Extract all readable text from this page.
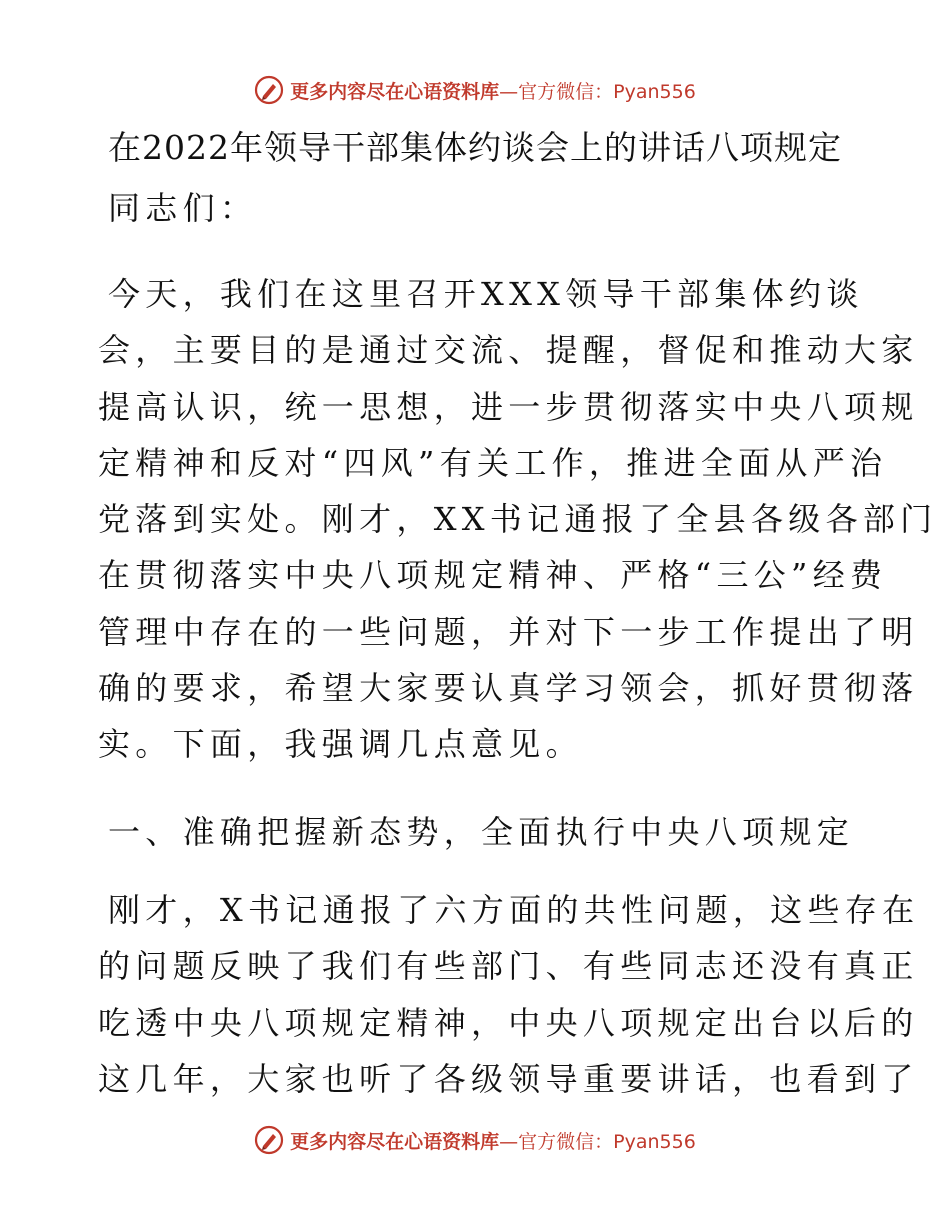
更多内容尽在心语资料库—官方微信：Pyan556
在2022年领导干部集体约谈会上的讲话八项规定
同志们：
今天，我们在这里召开XXX领导干部集体约谈
会，主要目的是通过交流、提醒，督促和推动大家
提高认识，统一思想，进一步贯彻落实中央八项规
定精神和反对“四风”有关工作，推进全面从严治
党落到实处。刚才，XX书记通报了全县各级各部门
在贯彻落实中央八项规定精神、严格“三公”经费
管理中存在的一些问题，并对下一步工作提出了明
确的要求，希望大家要认真学习领会，抓好贯彻落
实。下面，我强调几点意见。
一、准确把握新态势，全面执行中央八项规定
刚才，X书记通报了六方面的共性问题，这些存在
的问题反映了我们有些部门、有些同志还没有真正
吃透中央八项规定精神，中央八项规定出台以后的
这几年，大家也听了各级领导重要讲话，也看到了
更多内容尽在心语资料库—官方微信：Pyan556
